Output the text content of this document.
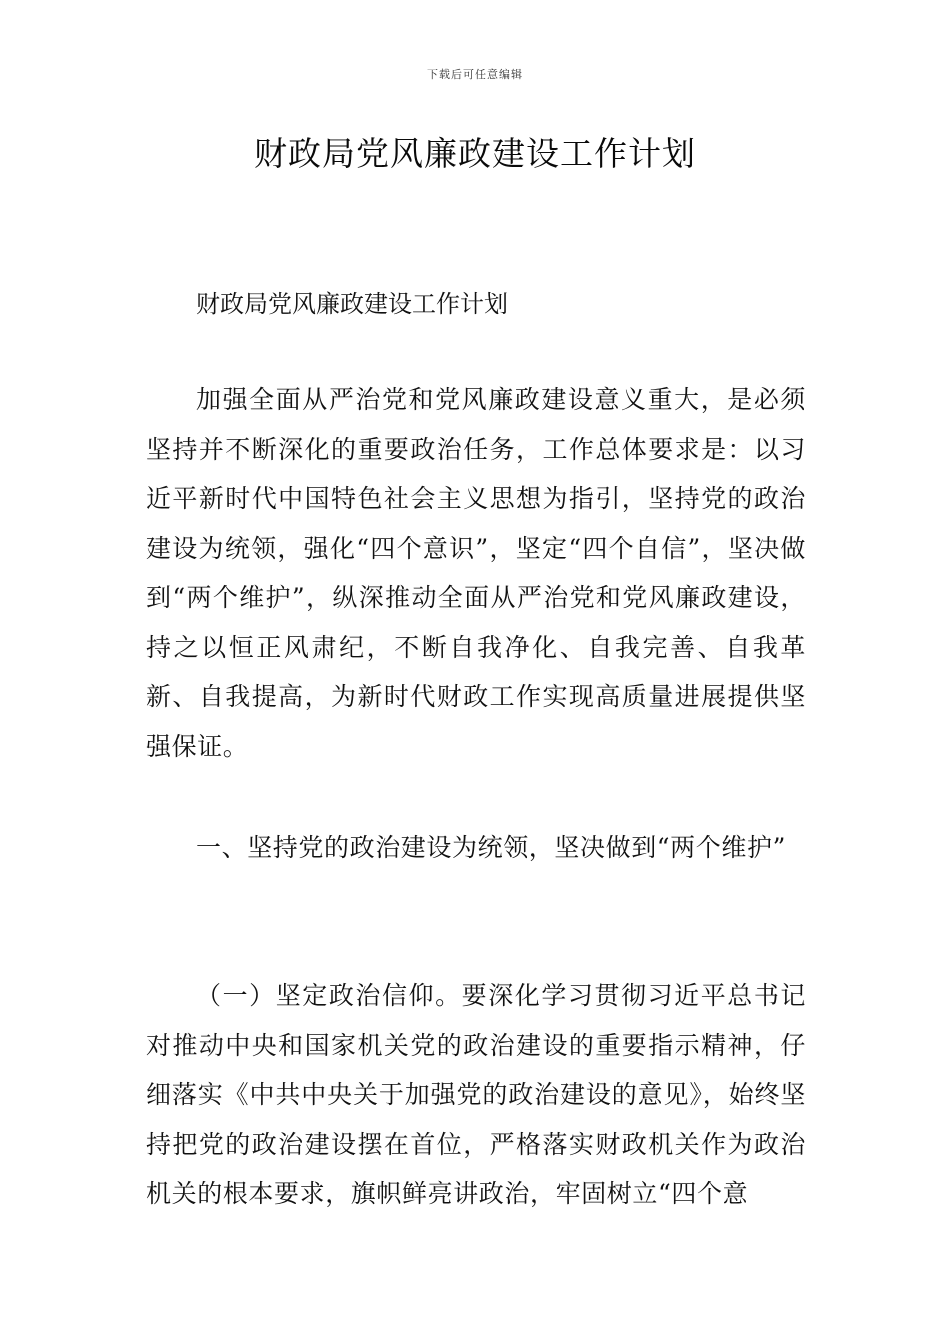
下载后可任意编辑
财政局党风廉政建设工作计划
财政局党风廉政建设工作计划

加强全面从严治党和党风廉政建设意义重大，是必须坚持并不断深化的重要政治任务，工作总体要求是：以习近平新时代中国特色社会主义思想为指引，坚持党的政治建设为统领，强化“四个意识”，坚定“四个自信”，坚决做到“两个维护”，纵深推动全面从严治党和党风廉政建设，持之以恒正风肃纪，不断自我净化、自我完善、自我革新、自我提高，为新时代财政工作实现高质量进展提供坚强保证。

一、坚持党的政治建设为统领，坚决做到“两个维护”

（一）坚定政治信仰。要深化学习贯彻习近平总书记对推动中央和国家机关党的政治建设的重要指示精神，仔细落实《中共中央关于加强党的政治建设的意见》，始终坚持把党的政治建设摆在首位，严格落实财政机关作为政治机关的根本要求，旗帜鲜亮讲政治，牢固树立“四个意
